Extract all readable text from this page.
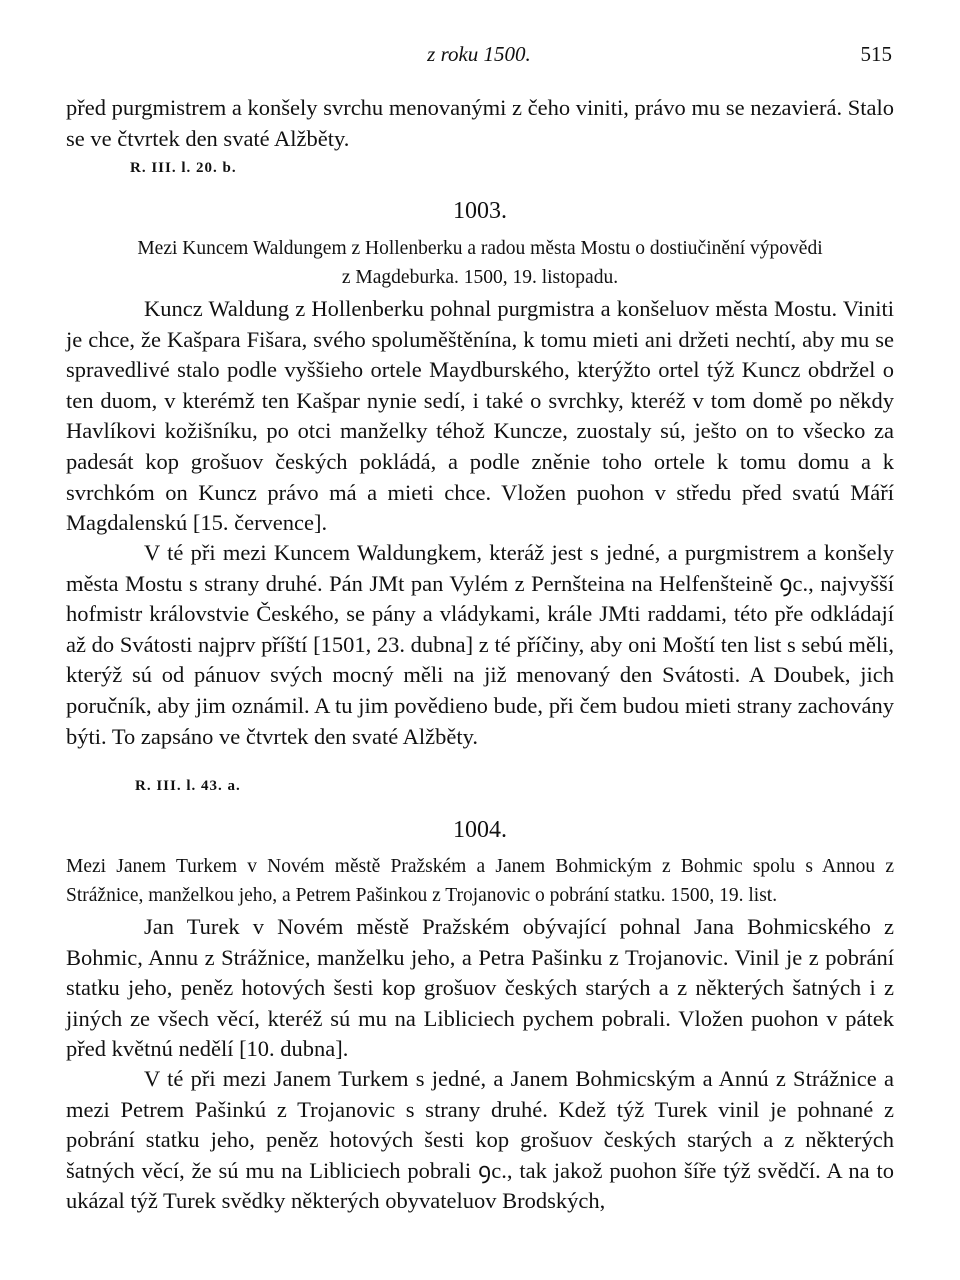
z roku 1500.	515

před purgmistrem a konšely svrchu menovanými z čeho viniti, právo mu se nezavierá. Stalo se ve čtvrtek den svaté Alžběty.

R. III. l. 20. b.
1003.
Mezi Kuncem Waldungem z Hollenberku a radou města Mostu o dostiučinění výpovědi
z Magdeburka. 1500, 19. listopadu.

Kuncz Waldung z Hollenberku pohnal purgmistra a konšeluov města Mostu. Viniti je chce, že Kašpara Fišara, svého spoluměštěnína, k tomu mieti ani držeti nechtí, aby mu se spravedlivé stalo podle vyššieho ortele Maydburského, kterýžto ortel týž Kuncz obdržel o ten duom, v kterémž ten Kašpar nynie sedí, i také o svrchky, kteréž v tom domě po někdy Havlíkovi kožišníku, po otci manželky téhož Kuncze, zuostaly sú, ješto on to všecko za padesát kop grošuov českých pokládá, a podle zněnie toho ortele k tomu domu a k svrchkóm on Kuncz právo má a mieti chce. Vložen puohon v středu před svatú Máří Magdalenskú [15. července].

V té při mezi Kuncem Waldungkem, kteráž jest s jedné, a purgmistrem a konšely města Mostu s strany druhé. Pán JMt pan Vylém z Pernšteina na Helfenšteině ꝯc., najvyšší hofmistr královstvie Českého, se pány a vládykami, krále JMti raddami, této pře odkládají až do Svátosti najprv příští [1501, 23. dubna] z té příčiny, aby oni Moští ten list s sebú měli, kterýž sú od pánuov svých mocný měli na již menovaný den Svátosti. A Doubek, jich poručník, aby jim oznámil. A tu jim povědieno bude, při čem budou mieti strany zachovány býti. To zapsáno ve čtvrtek den svaté Alžběty.

R. III. l. 43. a.
1004.

Mezi Janem Turkem v Novém městě Pražském a Janem Bohmickým z Bohmic spolu s Annou z Strážnice, manželkou jeho, a Petrem Pašinkou z Trojanovic o pobrání statku. 1500, 19. list.

Jan Turek v Novém městě Pražském obývající pohnal Jana Bohmicského z Bohmic, Annu z Strážnice, manželku jeho, a Petra Pašinku z Trojanovic. Vinil je z pobrání statku jeho, peněz hotových šesti kop grošuov českých starých a z některých šatných i z jiných ze všech věcí, kteréž sú mu na Libliciech pychem pobrali. Vložen puohon v pátek před květnú nedělí [10. dubna].

V té při mezi Janem Turkem s jedné, a Janem Bohmicským a Annú z Strážnice a mezi Petrem Pašinkú z Trojanovic s strany druhé. Kdež týž Turek vinil je pohnané z pobrání statku jeho, peněz hotových šesti kop grošuov českých starých a z některých šatných věcí, že sú mu na Libliciech pobrali ꝯc., tak jakož puohon šíře týž svědčí. A na to ukázal týž Turek svědky některých obyvateluov Brodských,
